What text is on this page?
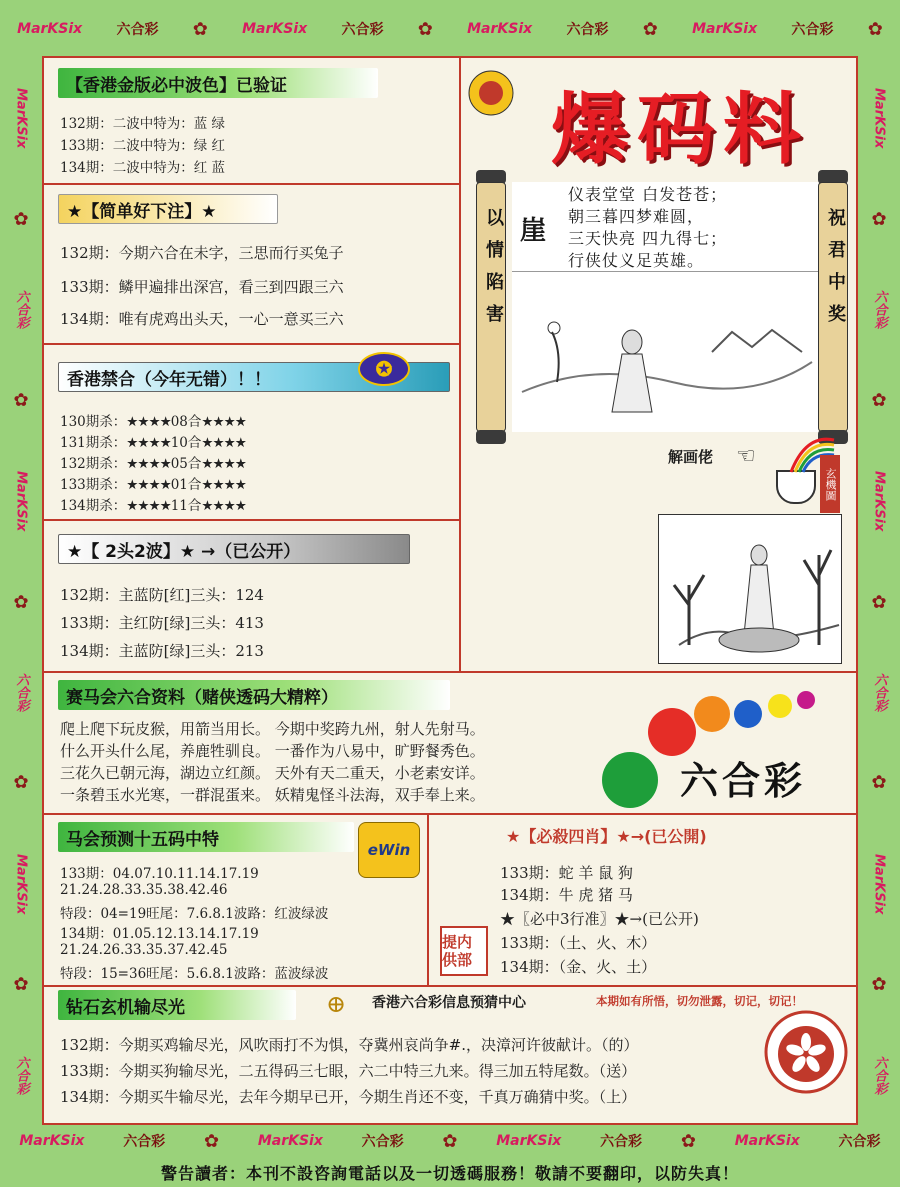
MarKSix 六合彩 ✿ MarKSix 六合彩 ✿ MarKSix 六合彩 ✿ MarKSix 六合彩 ✿
MarKSix
✿
六合彩
✿
MarKSix
✿
六合彩
✿
MarKSix
✿
六合彩
MarKSix
✿
六合彩
✿
MarKSix
✿
六合彩
✿
MarKSix
✿
六合彩
MarKSix	六合彩 ✿	MarKSix	六合彩 ✿	MarKSix	六合彩 ✿	MarKSix	六合彩
【香港金版必中波色】已验证
132期：二波中特为：蓝 绿
133期：二波中特为：绿 红
134期：二波中特为：红 蓝
★【简单好下注】★
132期：今期六合在未字，三思而行买兔子
133期：鳞甲遍排出深宫，看三到四跟三六
134期：唯有虎鸡出头天，一心一意买三六
香港禁合（今年无错）！！	✪
130期杀：★★★★08合★★★★
131期杀：★★★★10合★★★★
132期杀：★★★★05合★★★★
133期杀：★★★★01合★★★★
134期杀：★★★★11合★★★★
★【 2头2波】★ →（已公开）
132期：主蓝防[红]三头：124
133期：主红防[绿]三头：413
134期：主蓝防[绿]三头：213
爆码料
以情陷害	祝君中奖
崖
仪表堂堂 白发苍苍；
朝三暮四梦难圆，
三天快亮 四九得七；
行侠仗义足英雄。
解画佬 ☜
玄機圖
赛马会六合资料（赌侠透码大精粹）
爬上爬下玩皮猴，用箭当用长。 今期中奖跨九州，射人先射马。
什么开头什么尾，养鹿牲驯良。 一番作为八易中，旷野餐秀色。
三花久已朝元海，湖边立红颜。 天外有天二重天，小老素安详。
一条碧玉水光寒，一群混蛋来。 妖精鬼怪斗法海，双手奉上来。	六合彩
马会预测十五码中特
eWin
133期：04.07.10.11.14.17.19
21.24.28.33.35.38.42.46
特段：04=19旺尾：7.6.8.1波路：红波绿波
134期：01.05.12.13.14.17.19
21.24.26.33.35.37.42.45
特段：15=36旺尾：5.6.8.1波路：蓝波绿波
★【必殺四肖】★→(已公開)
133期：蛇 羊 鼠 狗
134期：牛 虎 猪 马
★〖必中3行准〗★→(已公开)
133期：（土、火、木）
134期：（金、火、土）
提内供部
钻石玄机输尽光	⊕ 香港六合彩信息预猜中心	本期如有所悟，切勿泄露，切记，切记！
132期：今期买鸡输尽光，风吹雨打不为惧，夺冀州哀尚争#.，决漳河许彼献计。（的）
133期：今期买狗输尽光，二五得码三七眼，六二中特三九来。得三加五特尾数。（送）
134期：今期买牛输尽光，去年今期早已开，今期生肖还不变，千真万确猜中奖。（上）
警告讀者：本刊不設咨詢電話以及一切透碼服務！敬請不要翻印，以防失真！
